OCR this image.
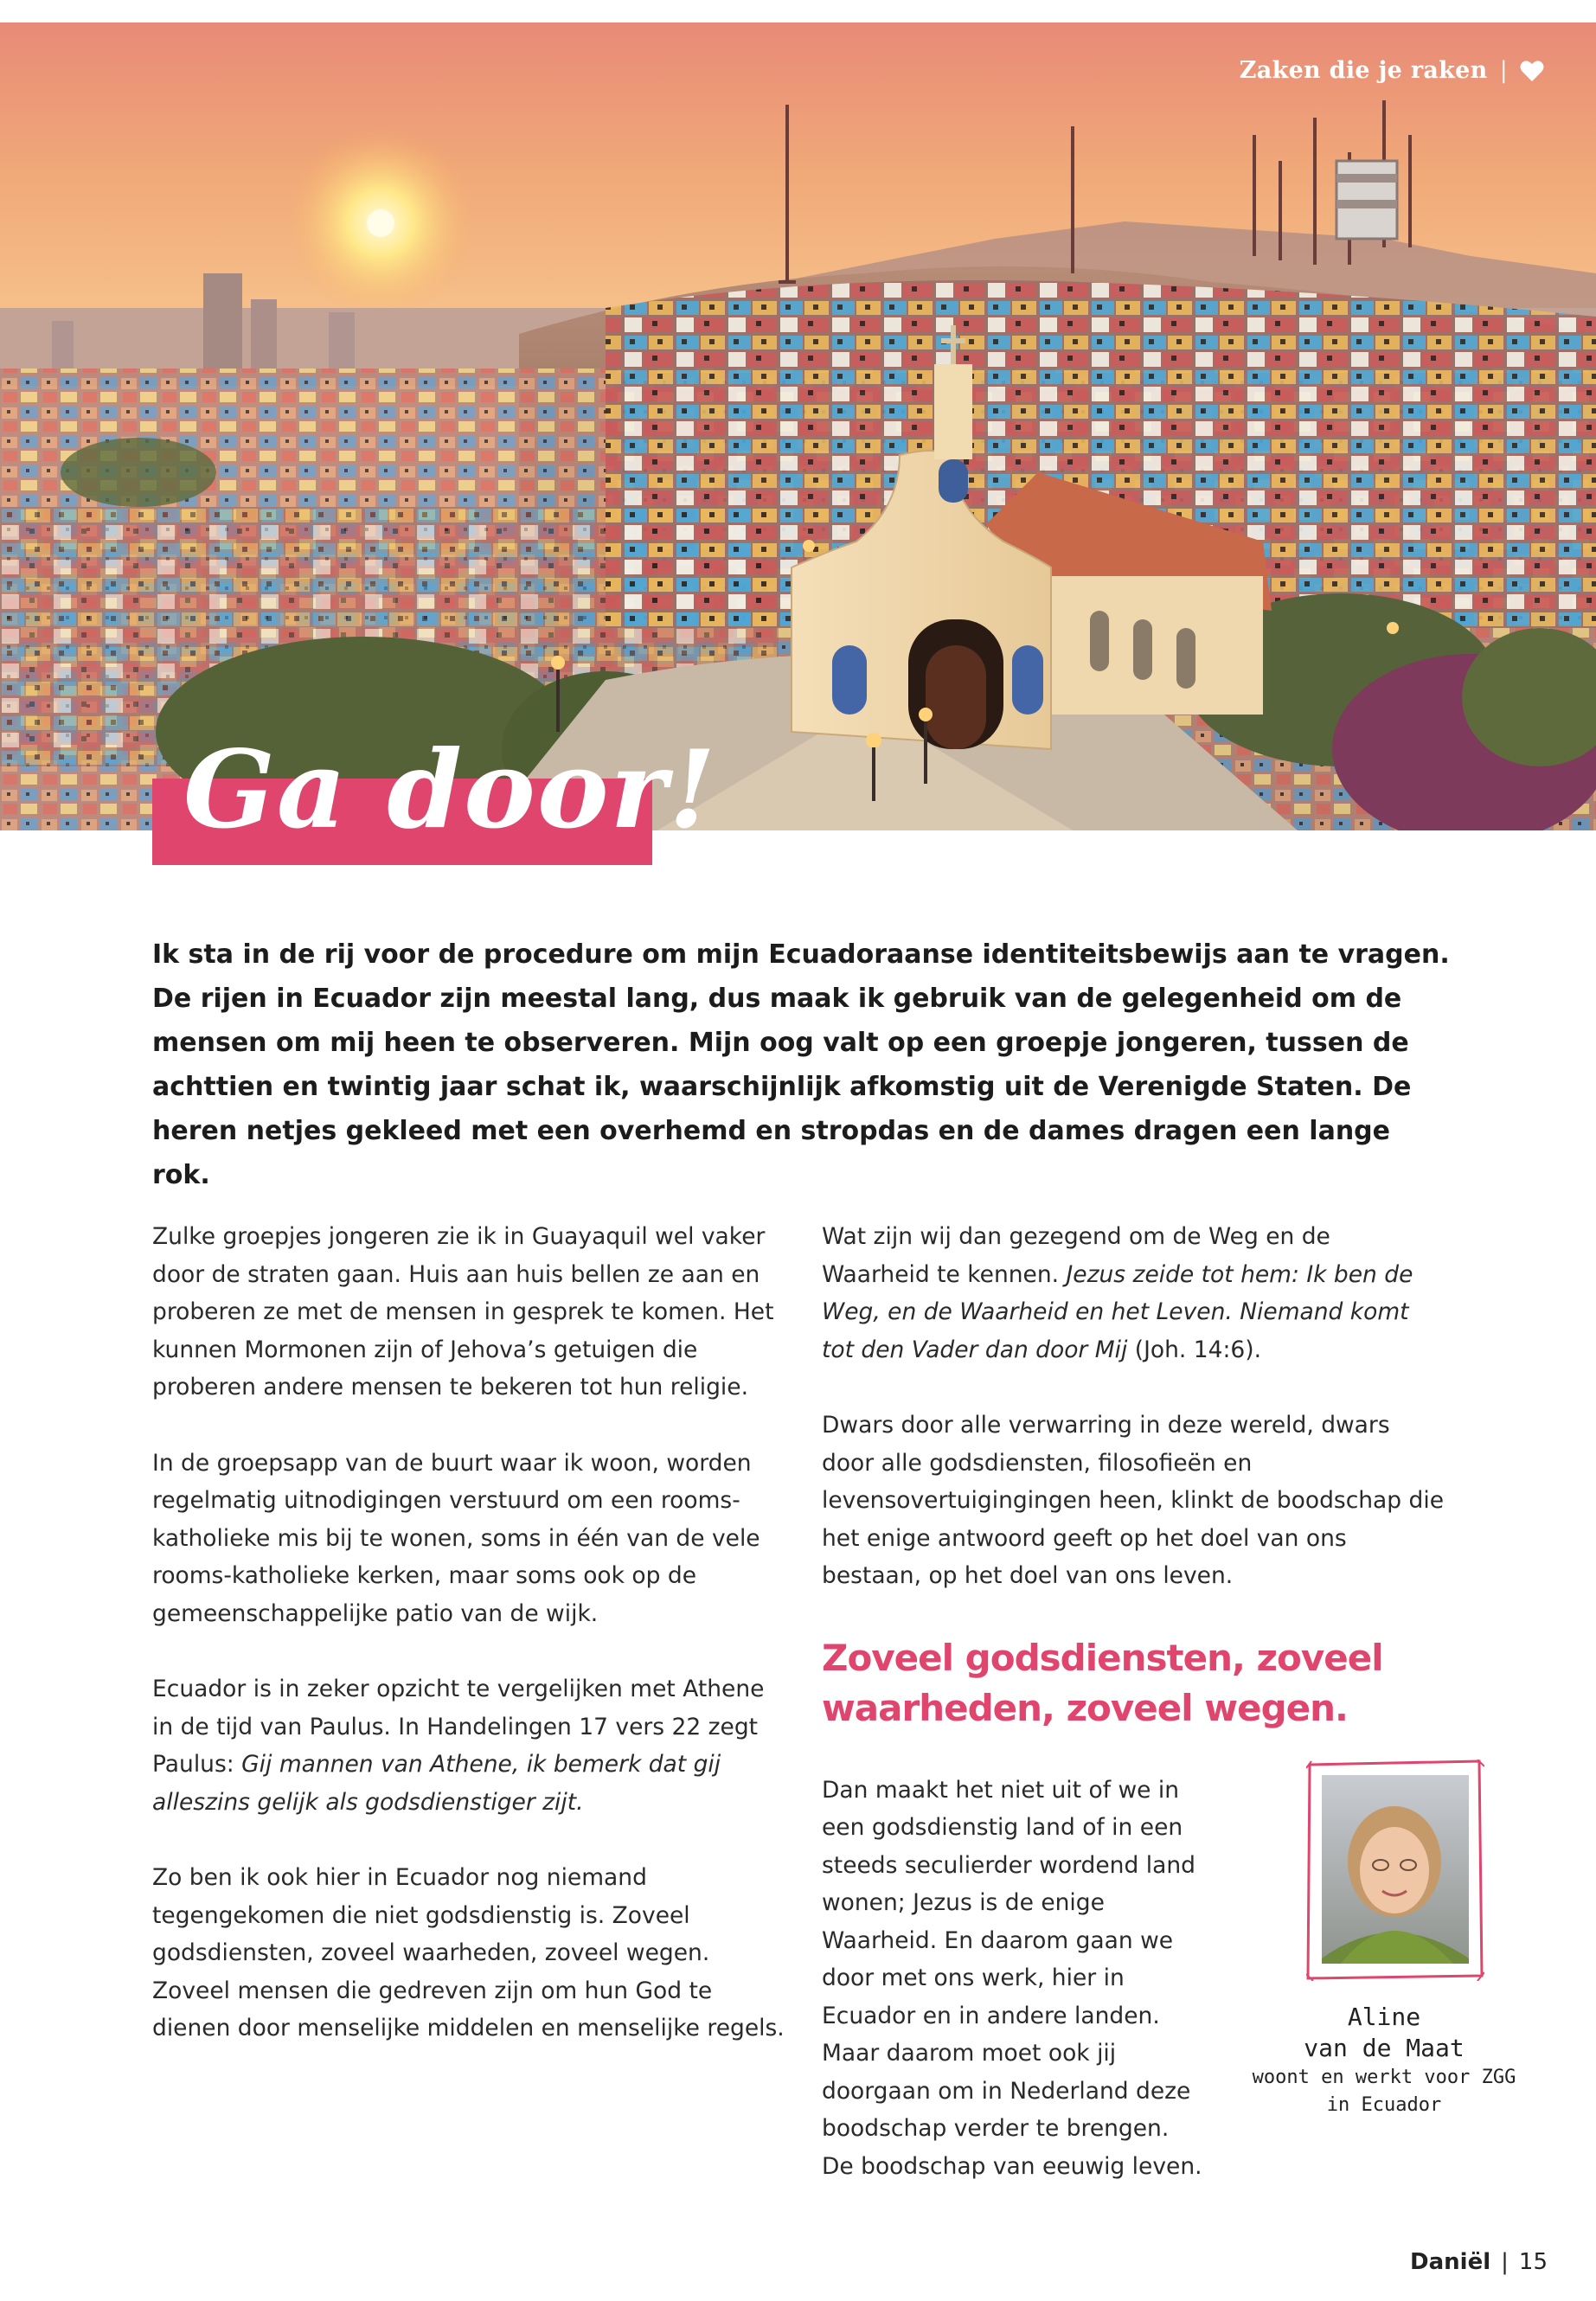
Zaken die je raken |
Ga door!
Ik sta in de rij voor de procedure om mijn Ecuadoraanse identiteitsbewijs aan te vragen. De rijen in Ecuador zijn meestal lang, dus maak ik gebruik van de gelegenheid om de mensen om mij heen te observeren. Mijn oog valt op een groepje jongeren, tussen de achttien en twintig jaar schat ik, waarschijnlijk afkomstig uit de Verenigde Staten. De heren netjes gekleed met een overhemd en stropdas en de dames dragen een lange rok.

Zulke groepjes jongeren zie ik in Guayaquil wel vaker door de straten gaan. Huis aan huis bellen ze aan en proberen ze met de mensen in gesprek te komen. Het kunnen Mormonen zijn of Jehova’s getuigen die proberen andere mensen te bekeren tot hun religie.

In de groepsapp van de buurt waar ik woon, worden regelmatig uitnodigingen verstuurd om een rooms-katholieke mis bij te wonen, soms in één van de vele rooms-katholieke kerken, maar soms ook op de gemeenschappelijke patio van de wijk.

Ecuador is in zeker opzicht te vergelijken met Athene in de tijd van Paulus. In Handelingen 17 vers 22 zegt Paulus: Gij mannen van Athene, ik bemerk dat gij alleszins gelijk als godsdienstiger zijt.

Zo ben ik ook hier in Ecuador nog niemand tegengekomen die niet godsdienstig is. Zoveel godsdiensten, zoveel waarheden, zoveel wegen. Zoveel mensen die gedreven zijn om hun God te dienen door menselijke middelen en menselijke regels.

Wat zijn wij dan gezegend om de Weg en de Waarheid te kennen. Jezus zeide tot hem: Ik ben de Weg, en de Waarheid en het Leven. Niemand komt tot den Vader dan door Mij (Joh. 14:6).

Dwars door alle verwarring in deze wereld, dwars door alle godsdiensten, filosofieën en levensovertuigingingen heen, klinkt de boodschap die het enige antwoord geeft op het doel van ons bestaan, op het doel van ons leven.

Zoveel godsdiensten, zoveel waarheden, zoveel wegen.

Dan maakt het niet uit of we in een godsdienstig land of in een steeds seculierder wordend land wonen; Jezus is de enige Waarheid. En daarom gaan we door met ons werk, hier in Ecuador en in andere landen. Maar daarom moet ook jij doorgaan om in Nederland deze boodschap verder te brengen. De boodschap van eeuwig leven.

Aline
van de Maat
woont en werkt voor ZGG in Ecuador
Daniël | 15
